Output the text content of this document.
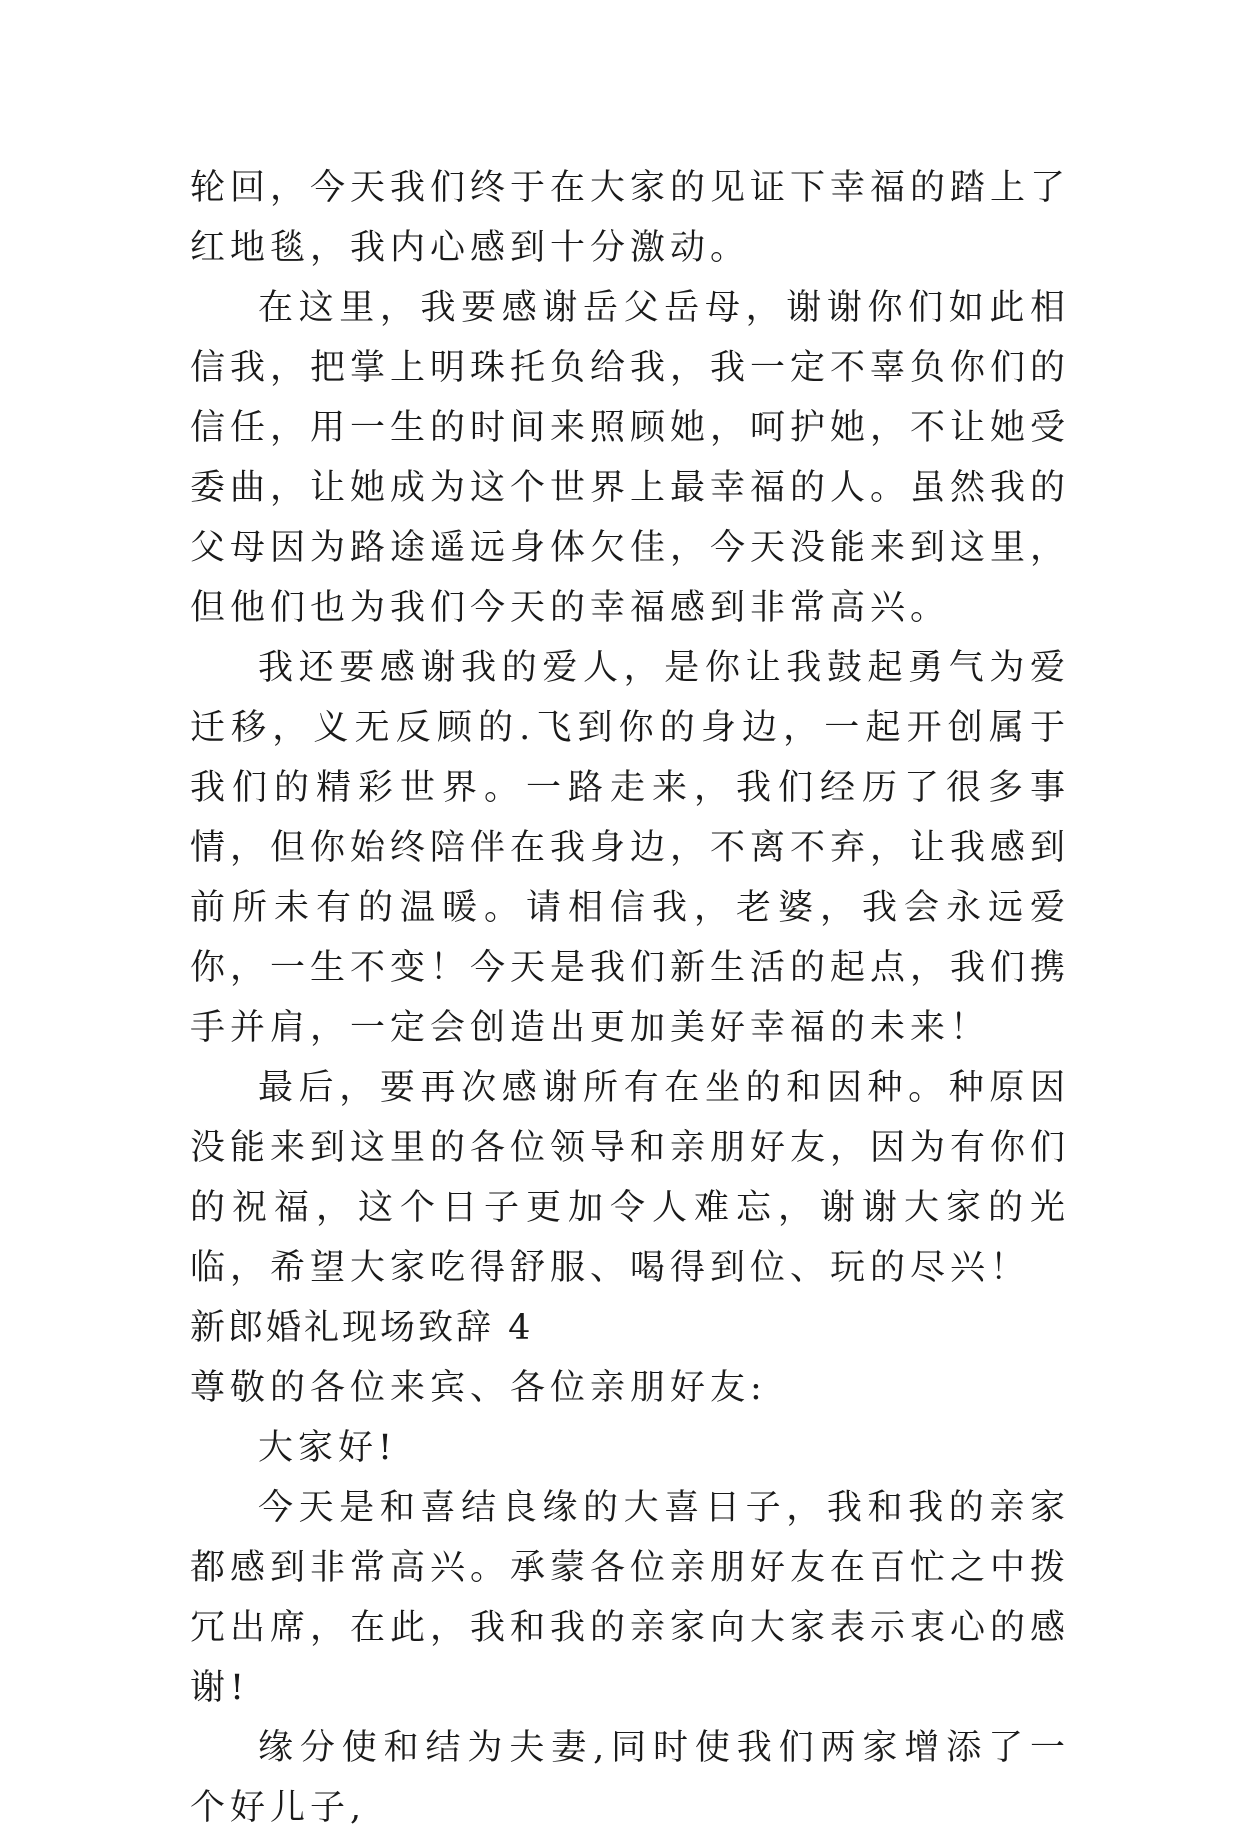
轮回，今天我们终于在大家的见证下幸福的踏上了红地毯，我内心感到十分激动。

在这里，我要感谢岳父岳母，谢谢你们如此相信我，把掌上明珠托负给我，我一定不辜负你们的信任，用一生的时间来照顾她，呵护她，不让她受委曲，让她成为这个世界上最幸福的人。虽然我的父母因为路途遥远身体欠佳，今天没能来到这里，但他们也为我们今天的幸福感到非常高兴。

我还要感谢我的爱人，是你让我鼓起勇气为爱迁移，义无反顾的.飞到你的身边，一起开创属于我们的精彩世界。一路走来，我们经历了很多事情，但你始终陪伴在我身边，不离不弃，让我感到前所未有的温暖。请相信我，老婆，我会永远爱你，一生不变！今天是我们新生活的起点，我们携手并肩，一定会创造出更加美好幸福的未来！

最后，要再次感谢所有在坐的和因种。种原因没能来到这里的各位领导和亲朋好友，因为有你们的祝福，这个日子更加令人难忘，谢谢大家的光临，希望大家吃得舒服、喝得到位、玩的尽兴！

新郎婚礼现场致辞 4

尊敬的各位来宾、各位亲朋好友:

大家好!

今天是和喜结良缘的大喜日子，我和我的亲家都感到非常高兴。承蒙各位亲朋好友在百忙之中拨冗出席，在此，我和我的亲家向大家表示衷心的感谢!

缘分使和结为夫妻,同时使我们两家增添了一个好儿子,
